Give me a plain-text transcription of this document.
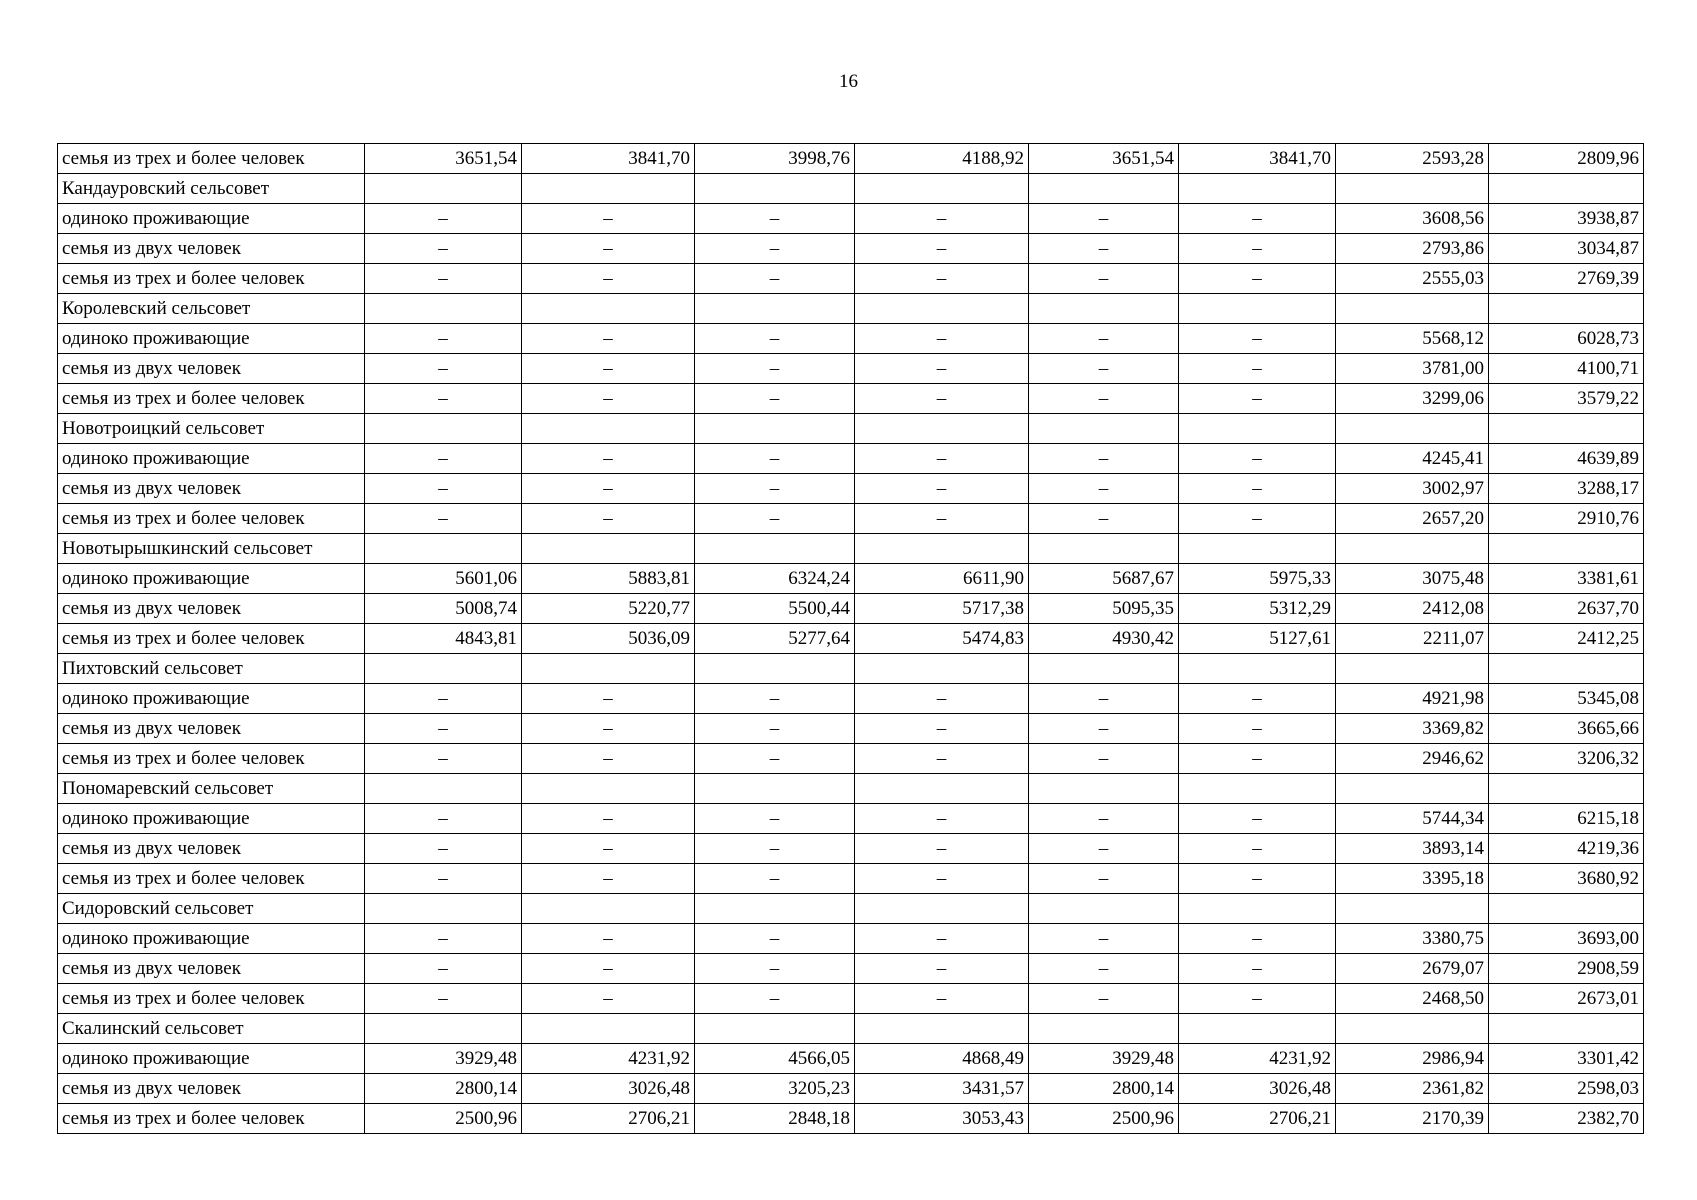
16
семья из трех и более человек	3651,54	3841,70	3998,76	4188,92	3651,54	3841,70	2593,28	2809,96
Кандауровский сельсовет								
одиноко проживающие	–	–	–	–	–	–	3608,56	3938,87
семья из двух человек	–	–	–	–	–	–	2793,86	3034,87
семья из трех и более человек	–	–	–	–	–	–	2555,03	2769,39
Королевский сельсовет								
одиноко проживающие	–	–	–	–	–	–	5568,12	6028,73
семья из двух человек	–	–	–	–	–	–	3781,00	4100,71
семья из трех и более человек	–	–	–	–	–	–	3299,06	3579,22
Новотроицкий сельсовет								
одиноко проживающие	–	–	–	–	–	–	4245,41	4639,89
семья из двух человек	–	–	–	–	–	–	3002,97	3288,17
семья из трех и более человек	–	–	–	–	–	–	2657,20	2910,76
Новотырышкинский сельсовет								
одиноко проживающие	5601,06	5883,81	6324,24	6611,90	5687,67	5975,33	3075,48	3381,61
семья из двух человек	5008,74	5220,77	5500,44	5717,38	5095,35	5312,29	2412,08	2637,70
семья из трех и более человек	4843,81	5036,09	5277,64	5474,83	4930,42	5127,61	2211,07	2412,25
Пихтовский сельсовет								
одиноко проживающие	–	–	–	–	–	–	4921,98	5345,08
семья из двух человек	–	–	–	–	–	–	3369,82	3665,66
семья из трех и более человек	–	–	–	–	–	–	2946,62	3206,32
Пономаревский сельсовет								
одиноко проживающие	–	–	–	–	–	–	5744,34	6215,18
семья из двух человек	–	–	–	–	–	–	3893,14	4219,36
семья из трех и более человек	–	–	–	–	–	–	3395,18	3680,92
Сидоровский сельсовет								
одиноко проживающие	–	–	–	–	–	–	3380,75	3693,00
семья из двух человек	–	–	–	–	–	–	2679,07	2908,59
семья из трех и более человек	–	–	–	–	–	–	2468,50	2673,01
Скалинский сельсовет								
одиноко проживающие	3929,48	4231,92	4566,05	4868,49	3929,48	4231,92	2986,94	3301,42
семья из двух человек	2800,14	3026,48	3205,23	3431,57	2800,14	3026,48	2361,82	2598,03
семья из трех и более человек	2500,96	2706,21	2848,18	3053,43	2500,96	2706,21	2170,39	2382,70
